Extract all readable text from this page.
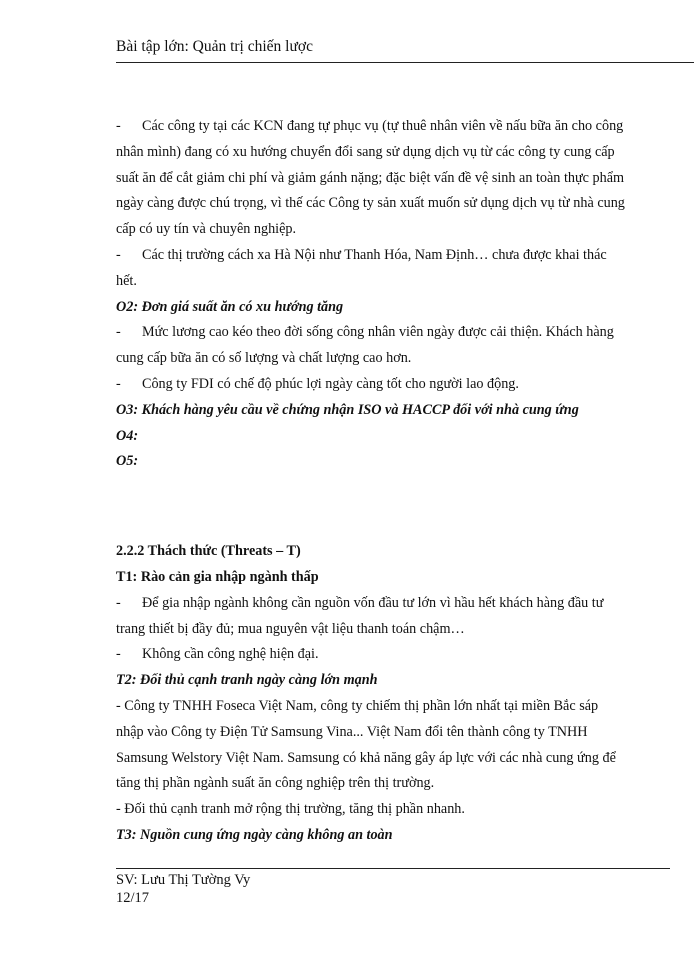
Bài tập lớn: Quản trị chiến lược

- Các công ty tại các KCN đang tự phục vụ (tự thuê nhân viên về nấu bữa ăn cho công nhân mình) đang có xu hướng chuyển đổi sang sử dụng dịch vụ từ các công ty cung cấp suất ăn để cắt giảm chi phí và giảm gánh nặng; đặc biệt vấn đề vệ sinh an toàn thực phẩm ngày càng được chú trọng, vì thế các Công ty sản xuất muốn sử dụng dịch vụ từ nhà cung cấp có uy tín và chuyên nghiệp.

- Các thị trường cách xa Hà Nội như Thanh Hóa, Nam Định… chưa được khai thác hết.

O2: Đơn giá suất ăn có xu hướng tăng

- Mức lương cao kéo theo đời sống công nhân viên ngày được cải thiện. Khách hàng cung cấp bữa ăn có số lượng và chất lượng cao hơn.

- Công ty FDI có chế độ phúc lợi ngày càng tốt cho người lao động.

O3: Khách hàng yêu cầu về chứng nhận ISO và HACCP đối với nhà cung ứng

O4:

O5:

2.2.2 Thách thức (Threats – T)

T1: Rào cản gia nhập ngành thấp

- Để gia nhập ngành không cần nguồn vốn đầu tư lớn vì hầu hết khách hàng đầu tư trang thiết bị đầy đủ; mua nguyên vật liệu thanh toán chậm…

- Không cần công nghệ hiện đại.

T2: Đối thủ cạnh tranh ngày càng lớn mạnh

- Công ty TNHH Foseca Việt Nam, công ty chiếm thị phần lớn nhất tại miền Bắc sáp nhập vào Công ty Điện Tử Samsung Vina... Việt Nam đổi tên thành công ty TNHH Samsung Welstory Việt Nam. Samsung có khả năng gây áp lực với các nhà cung ứng để tăng thị phần ngành suất ăn công nghiệp trên thị trường.

- Đối thủ cạnh tranh mở rộng thị trường, tăng thị phần nhanh.

T3: Nguồn cung ứng ngày càng không an toàn

SV: Lưu Thị Tường Vy
12/17
